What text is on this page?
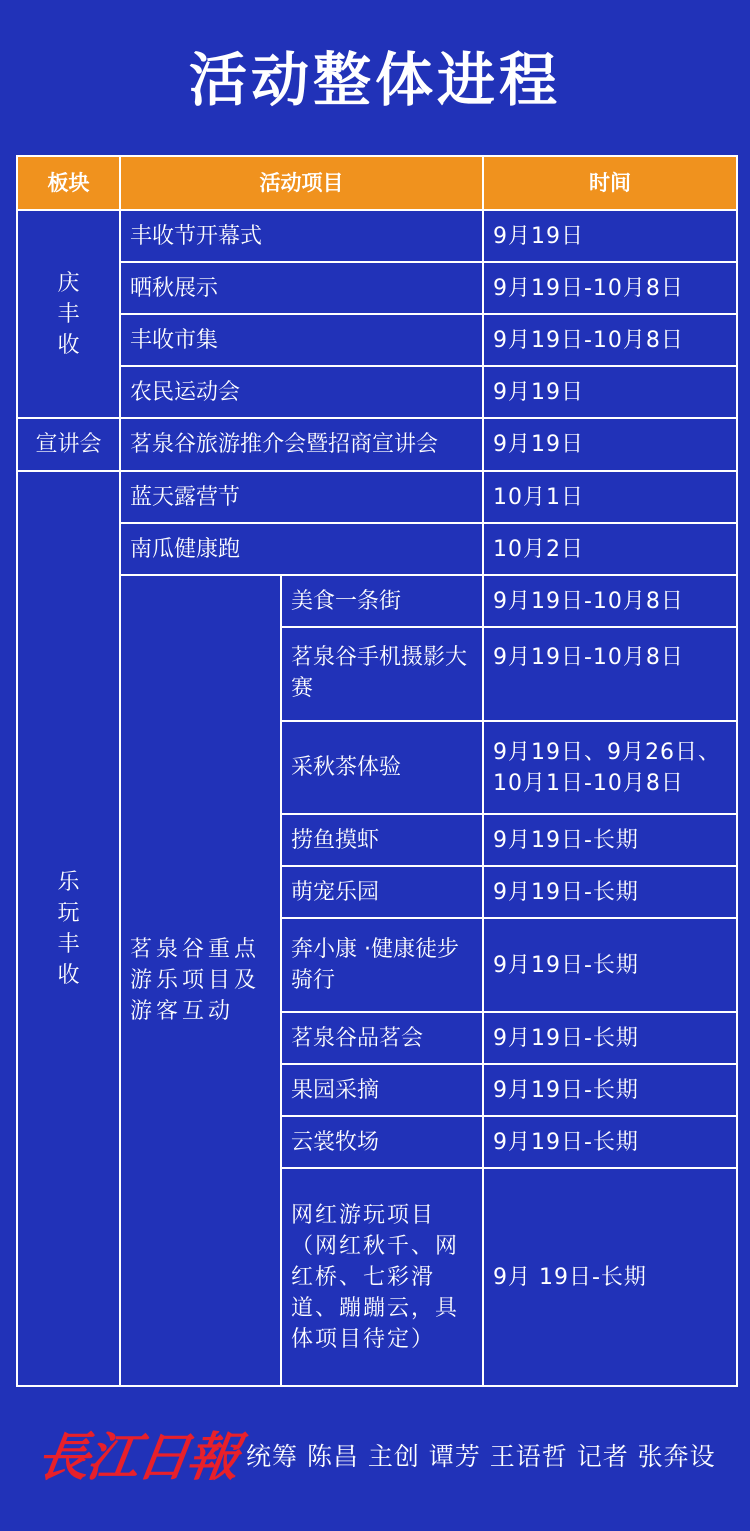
活动整体进程
板块	活动项目		时间

庆丰收	丰收节开幕式		9月19日
	晒秋展示		9月19日-10月8日
	丰收市集		9月19日-10月8日
	农民运动会		9月19日
宣讲会	茗泉谷旅游推介会暨招商宣讲会		9月19日

乐玩丰收	蓝天露营节		10月1日
	南瓜健康跑		10月2日
	茗泉谷重点游乐项目及游客互动	美食一条街	9月19日-10月8日
		茗泉谷手机摄影大赛	9月19日-10月8日
		采秋茶体验	9月19日、9月26日、10月1日-10月8日
		捞鱼摸虾	9月19日-长期
		萌宠乐园	9月19日-长期
		奔小康 ·健康徒步骑行	9月19日-长期
		茗泉谷品茗会	9月19日-长期
		果园采摘	9月19日-长期
		云裳牧场	9月19日-长期
		网红游玩项目（网红秋千、网红桥、七彩滑道、蹦蹦云，具体项目待定）	9月 19日-长期
長江日報 统筹 陈昌 主创 谭芳 王语哲 记者 张奔设
